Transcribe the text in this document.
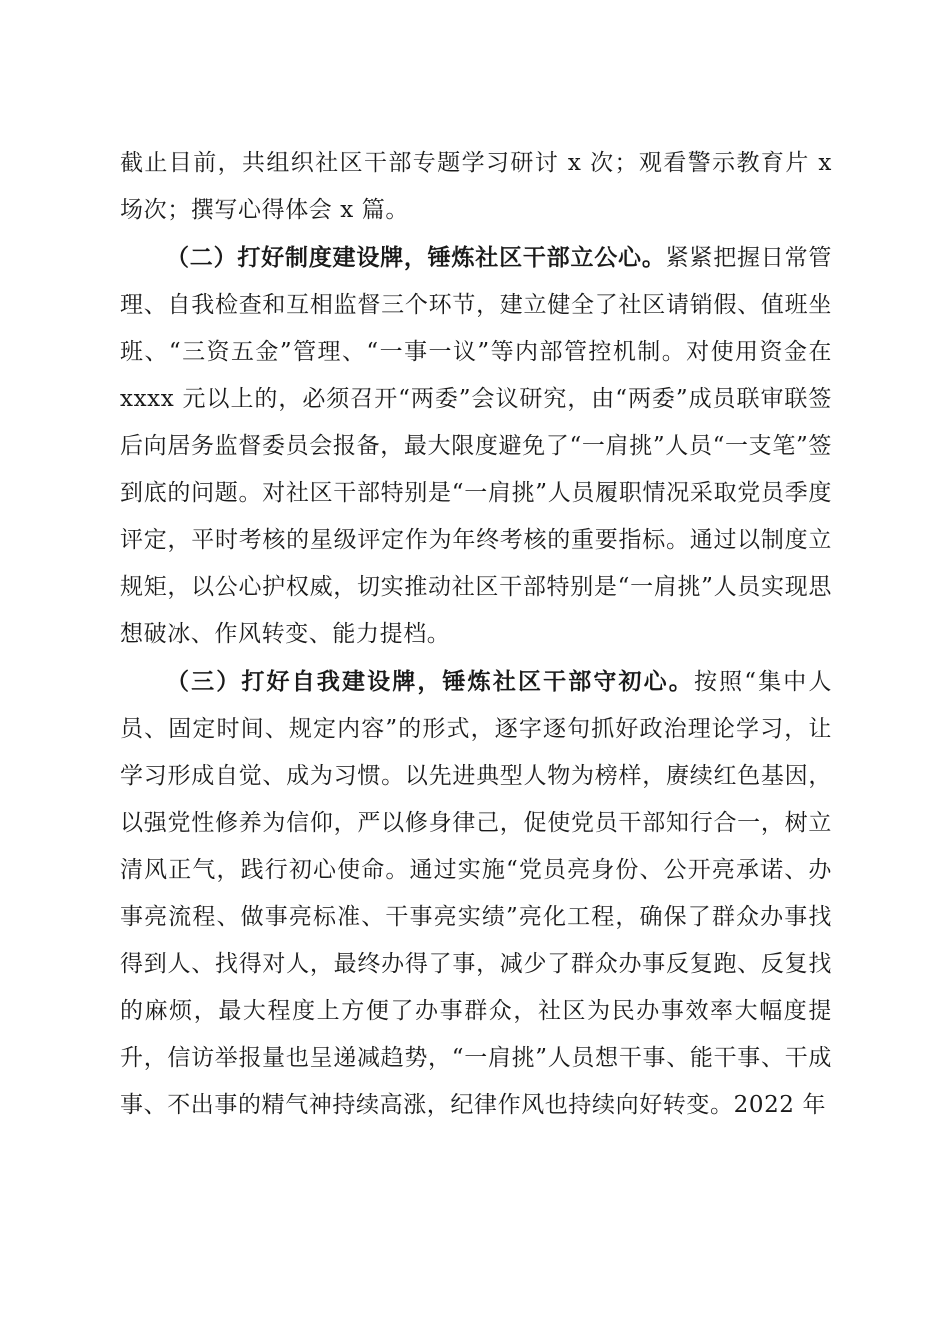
截止目前，共组织社区干部专题学习研讨 x 次；观看警示教育片 x 场次；撰写心得体会 x 篇。

（二）打好制度建设牌，锤炼社区干部立公心。紧紧把握日常管理、自我检查和互相监督三个环节，建立健全了社区请销假、值班坐班、“三资五金”管理、“一事一议”等内部管控机制。对使用资金在 xxxx 元以上的，必须召开“两委”会议研究，由“两委”成员联审联签后向居务监督委员会报备，最大限度避免了“一肩挑”人员“一支笔”签到底的问题。对社区干部特别是“一肩挑”人员履职情况采取党员季度评定，平时考核的星级评定作为年终考核的重要指标。通过以制度立规矩，以公心护权威，切实推动社区干部特别是“一肩挑”人员实现思想破冰、作风转变、能力提档。

（三）打好自我建设牌，锤炼社区干部守初心。按照“集中人员、固定时间、规定内容”的形式，逐字逐句抓好政治理论学习，让学习形成自觉、成为习惯。以先进典型人物为榜样，赓续红色基因，以强党性修养为信仰，严以修身律己，促使党员干部知行合一，树立清风正气，践行初心使命。通过实施“党员亮身份、公开亮承诺、办事亮流程、做事亮标准、干事亮实绩”亮化工程，确保了群众办事找得到人、找得对人，最终办得了事，减少了群众办事反复跑、反复找的麻烦，最大程度上方便了办事群众，社区为民办事效率大幅度提升，信访举报量也呈递减趋势，“一肩挑”人员想干事、能干事、干成事、不出事的精气神持续高涨，纪律作风也持续向好转变。2022 年
